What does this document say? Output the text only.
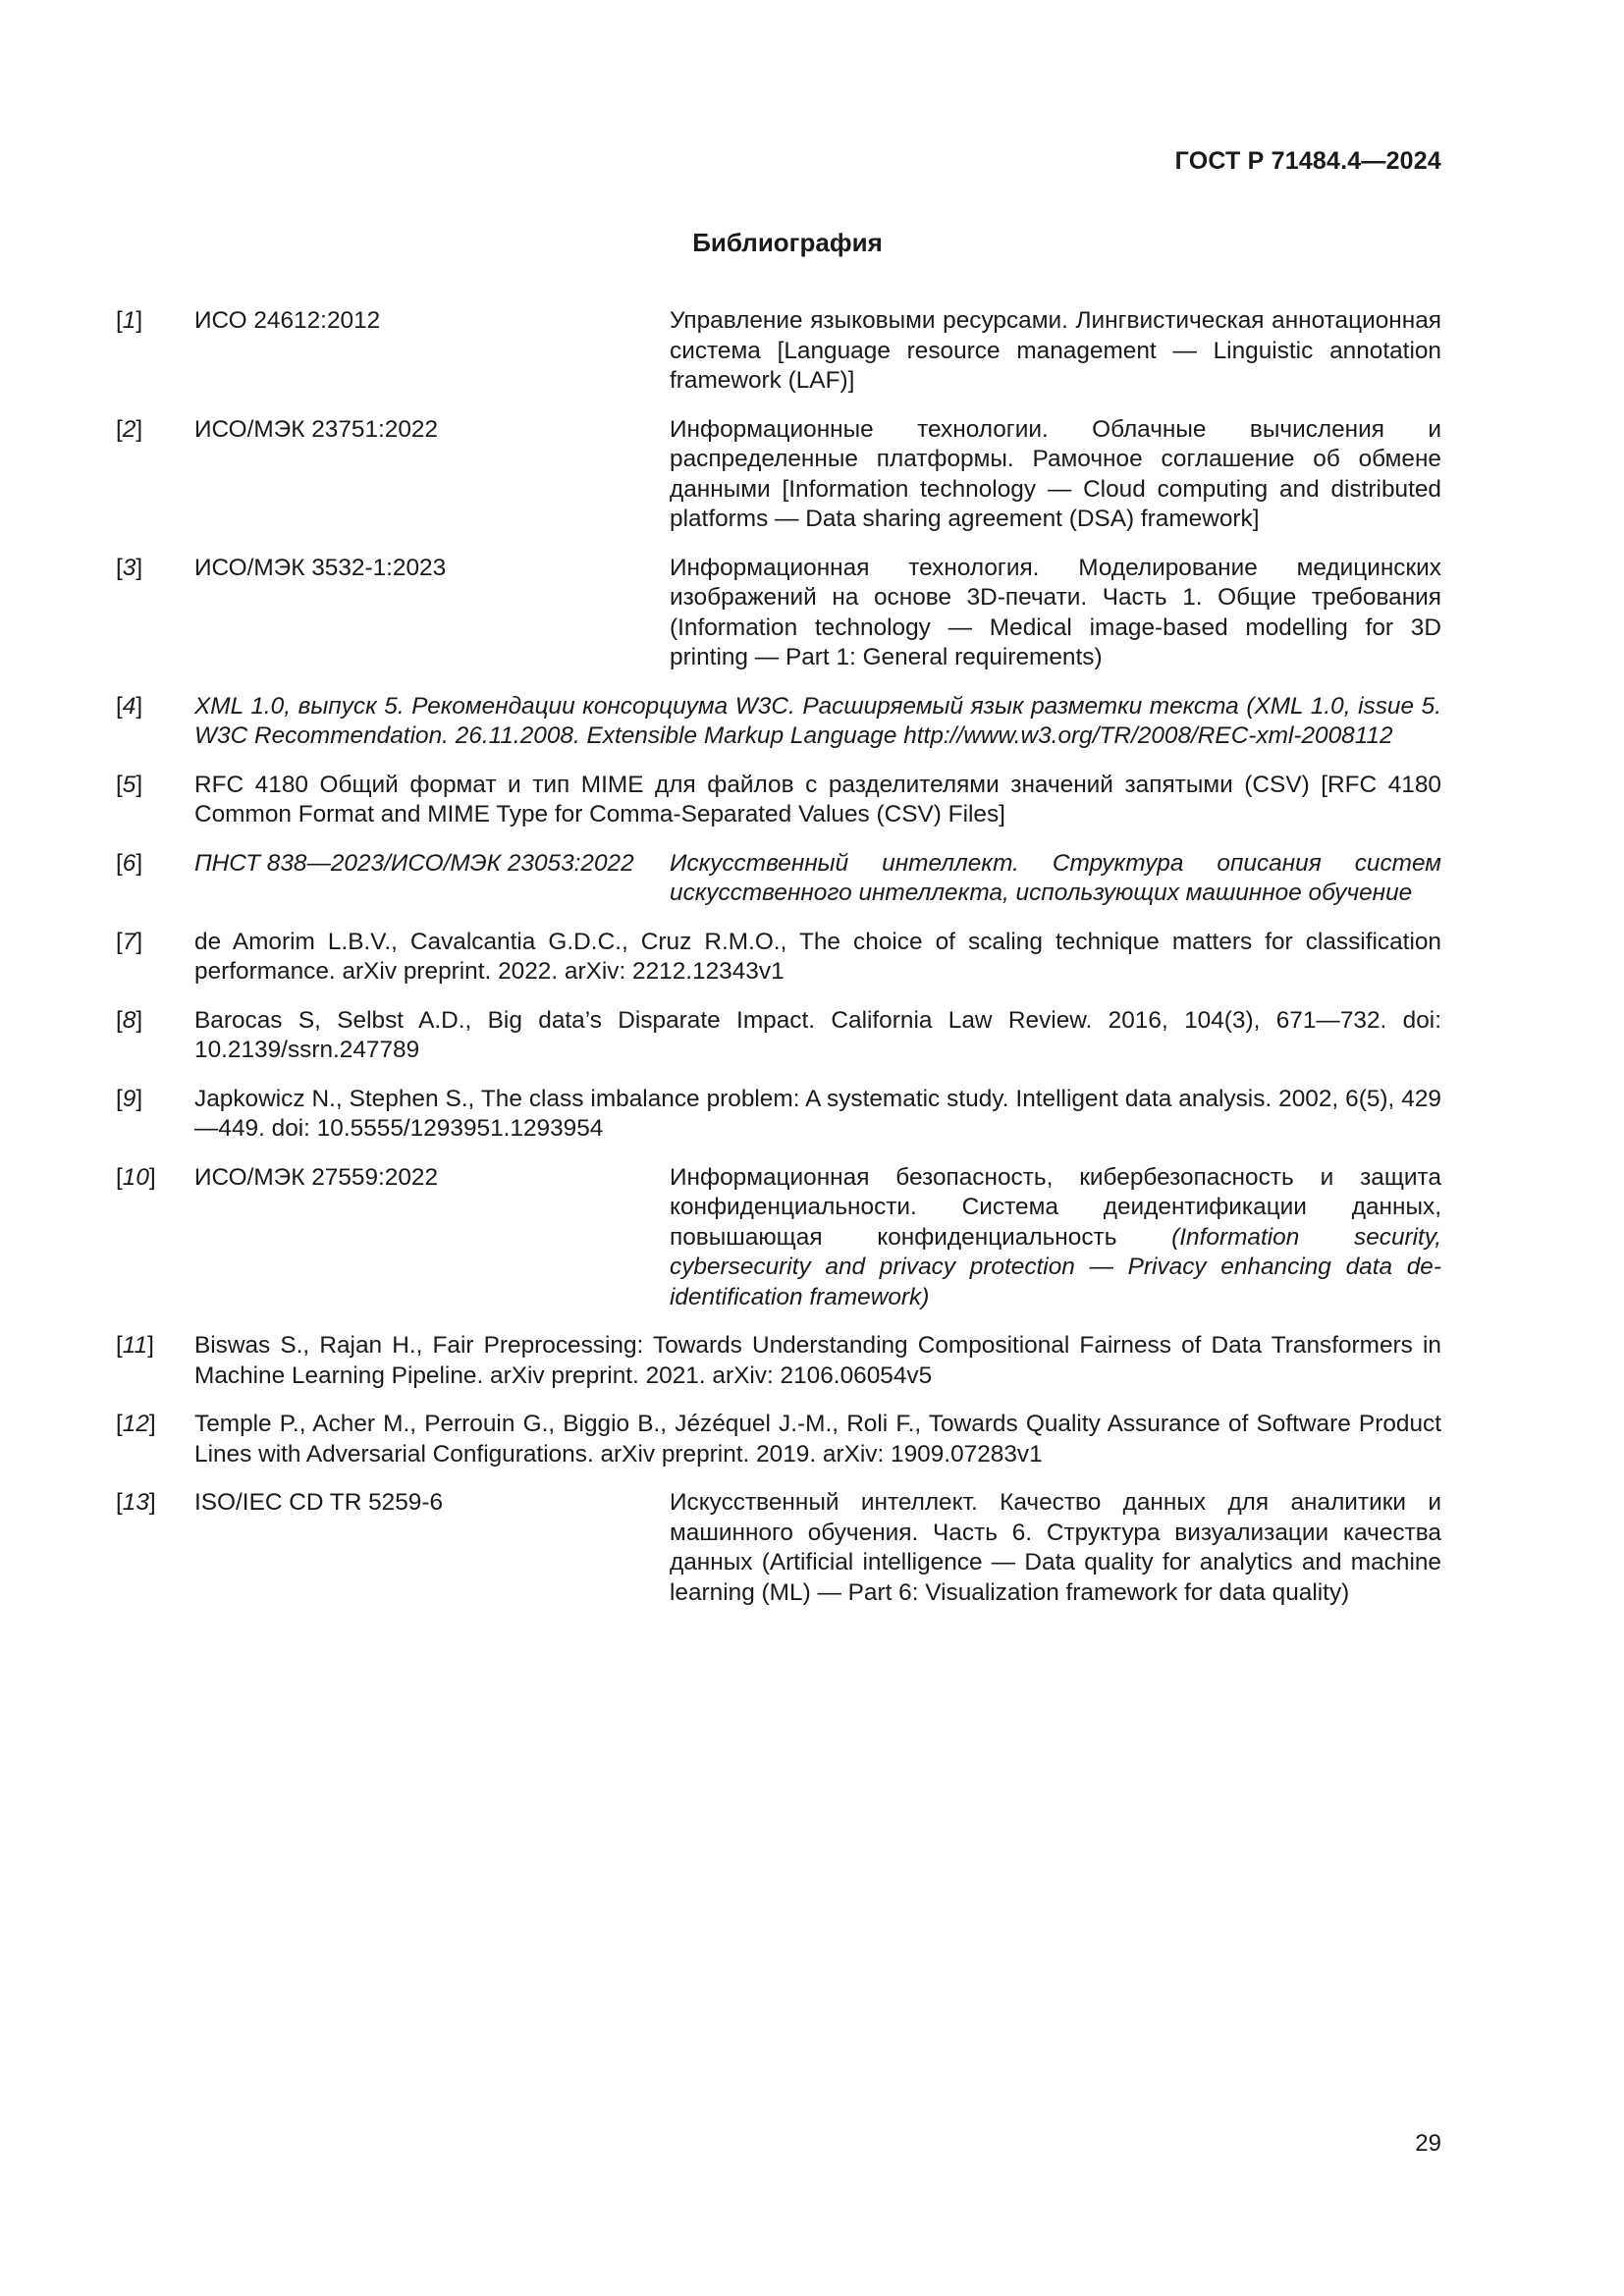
ГОСТ Р 71484.4—2024
Библиография
[1]	ИСО 24612:2012	Управление языковыми ресурсами. Лингвистическая аннотационная система [Language resource management — Linguistic annotation framework (LAF)]
[2]	ИСО/МЭК 23751:2022	Информационные технологии. Облачные вычисления и распределенные платформы. Рамочное соглашение об обмене данными [Information technology — Cloud computing and distributed platforms — Data sharing agreement (DSA) framework]
[3]	ИСО/МЭК 3532-1:2023	Информационная технология. Моделирование медицинских изображений на основе 3D-печати. Часть 1. Общие требования (Information technology — Medical image-based modelling for 3D printing — Part 1: General requirements)
[4]	XML 1.0, выпуск 5. Рекомендации консорциума W3C. Расширяемый язык разметки текста (XML 1.0, issue 5. W3C Recommendation. 26.11.2008. Extensible Markup Language http://www.w3.org/TR/2008/REC-xml-2008112
[5]	RFC 4180 Общий формат и тип MIME для файлов с разделителями значений запятыми (CSV) [RFC 4180 Common Format and MIME Type for Comma-Separated Values (CSV) Files]
[6]	ПНСТ 838—2023/ИСО/МЭК 23053:2022	Искусственный интеллект. Структура описания систем искусственного интеллекта, использующих машинное обучение
[7]	de Amorim L.B.V., Cavalcantia G.D.C., Cruz R.M.O., The choice of scaling technique matters for classification performance. arXiv preprint. 2022. arXiv: 2212.12343v1
[8]	Barocas S, Selbst A.D., Big data’s Disparate Impact. California Law Review. 2016, 104(3), 671—732. doi: 10.2139/ssrn.247789
[9]	Japkowicz N., Stephen S., The class imbalance problem: A systematic study. Intelligent data analysis. 2002, 6(5), 429—449. doi: 10.5555/1293951.1293954
[10]	ИСО/МЭК 27559:2022	Информационная безопасность, кибербезопасность и защита конфиденциальности. Система деидентификации данных, повышающая конфиденциальность (Information security, cybersecurity and privacy protection — Privacy enhancing data de-identification framework)
[11]	Biswas S., Rajan H., Fair Preprocessing: Towards Understanding Compositional Fairness of Data Transformers in Machine Learning Pipeline. arXiv preprint. 2021. arXiv: 2106.06054v5
[12]	Temple P., Acher M., Perrouin G., Biggio B., Jézéquel J.-M., Roli F., Towards Quality Assurance of Software Product Lines with Adversarial Configurations. arXiv preprint. 2019. arXiv: 1909.07283v1
[13]	ISO/IEC CD TR 5259-6	Искусственный интеллект. Качество данных для аналитики и машинного обучения. Часть 6. Структура визуализации качества данных (Artificial intelligence — Data quality for analytics and machine learning (ML) — Part 6: Visualization framework for data quality)
29
